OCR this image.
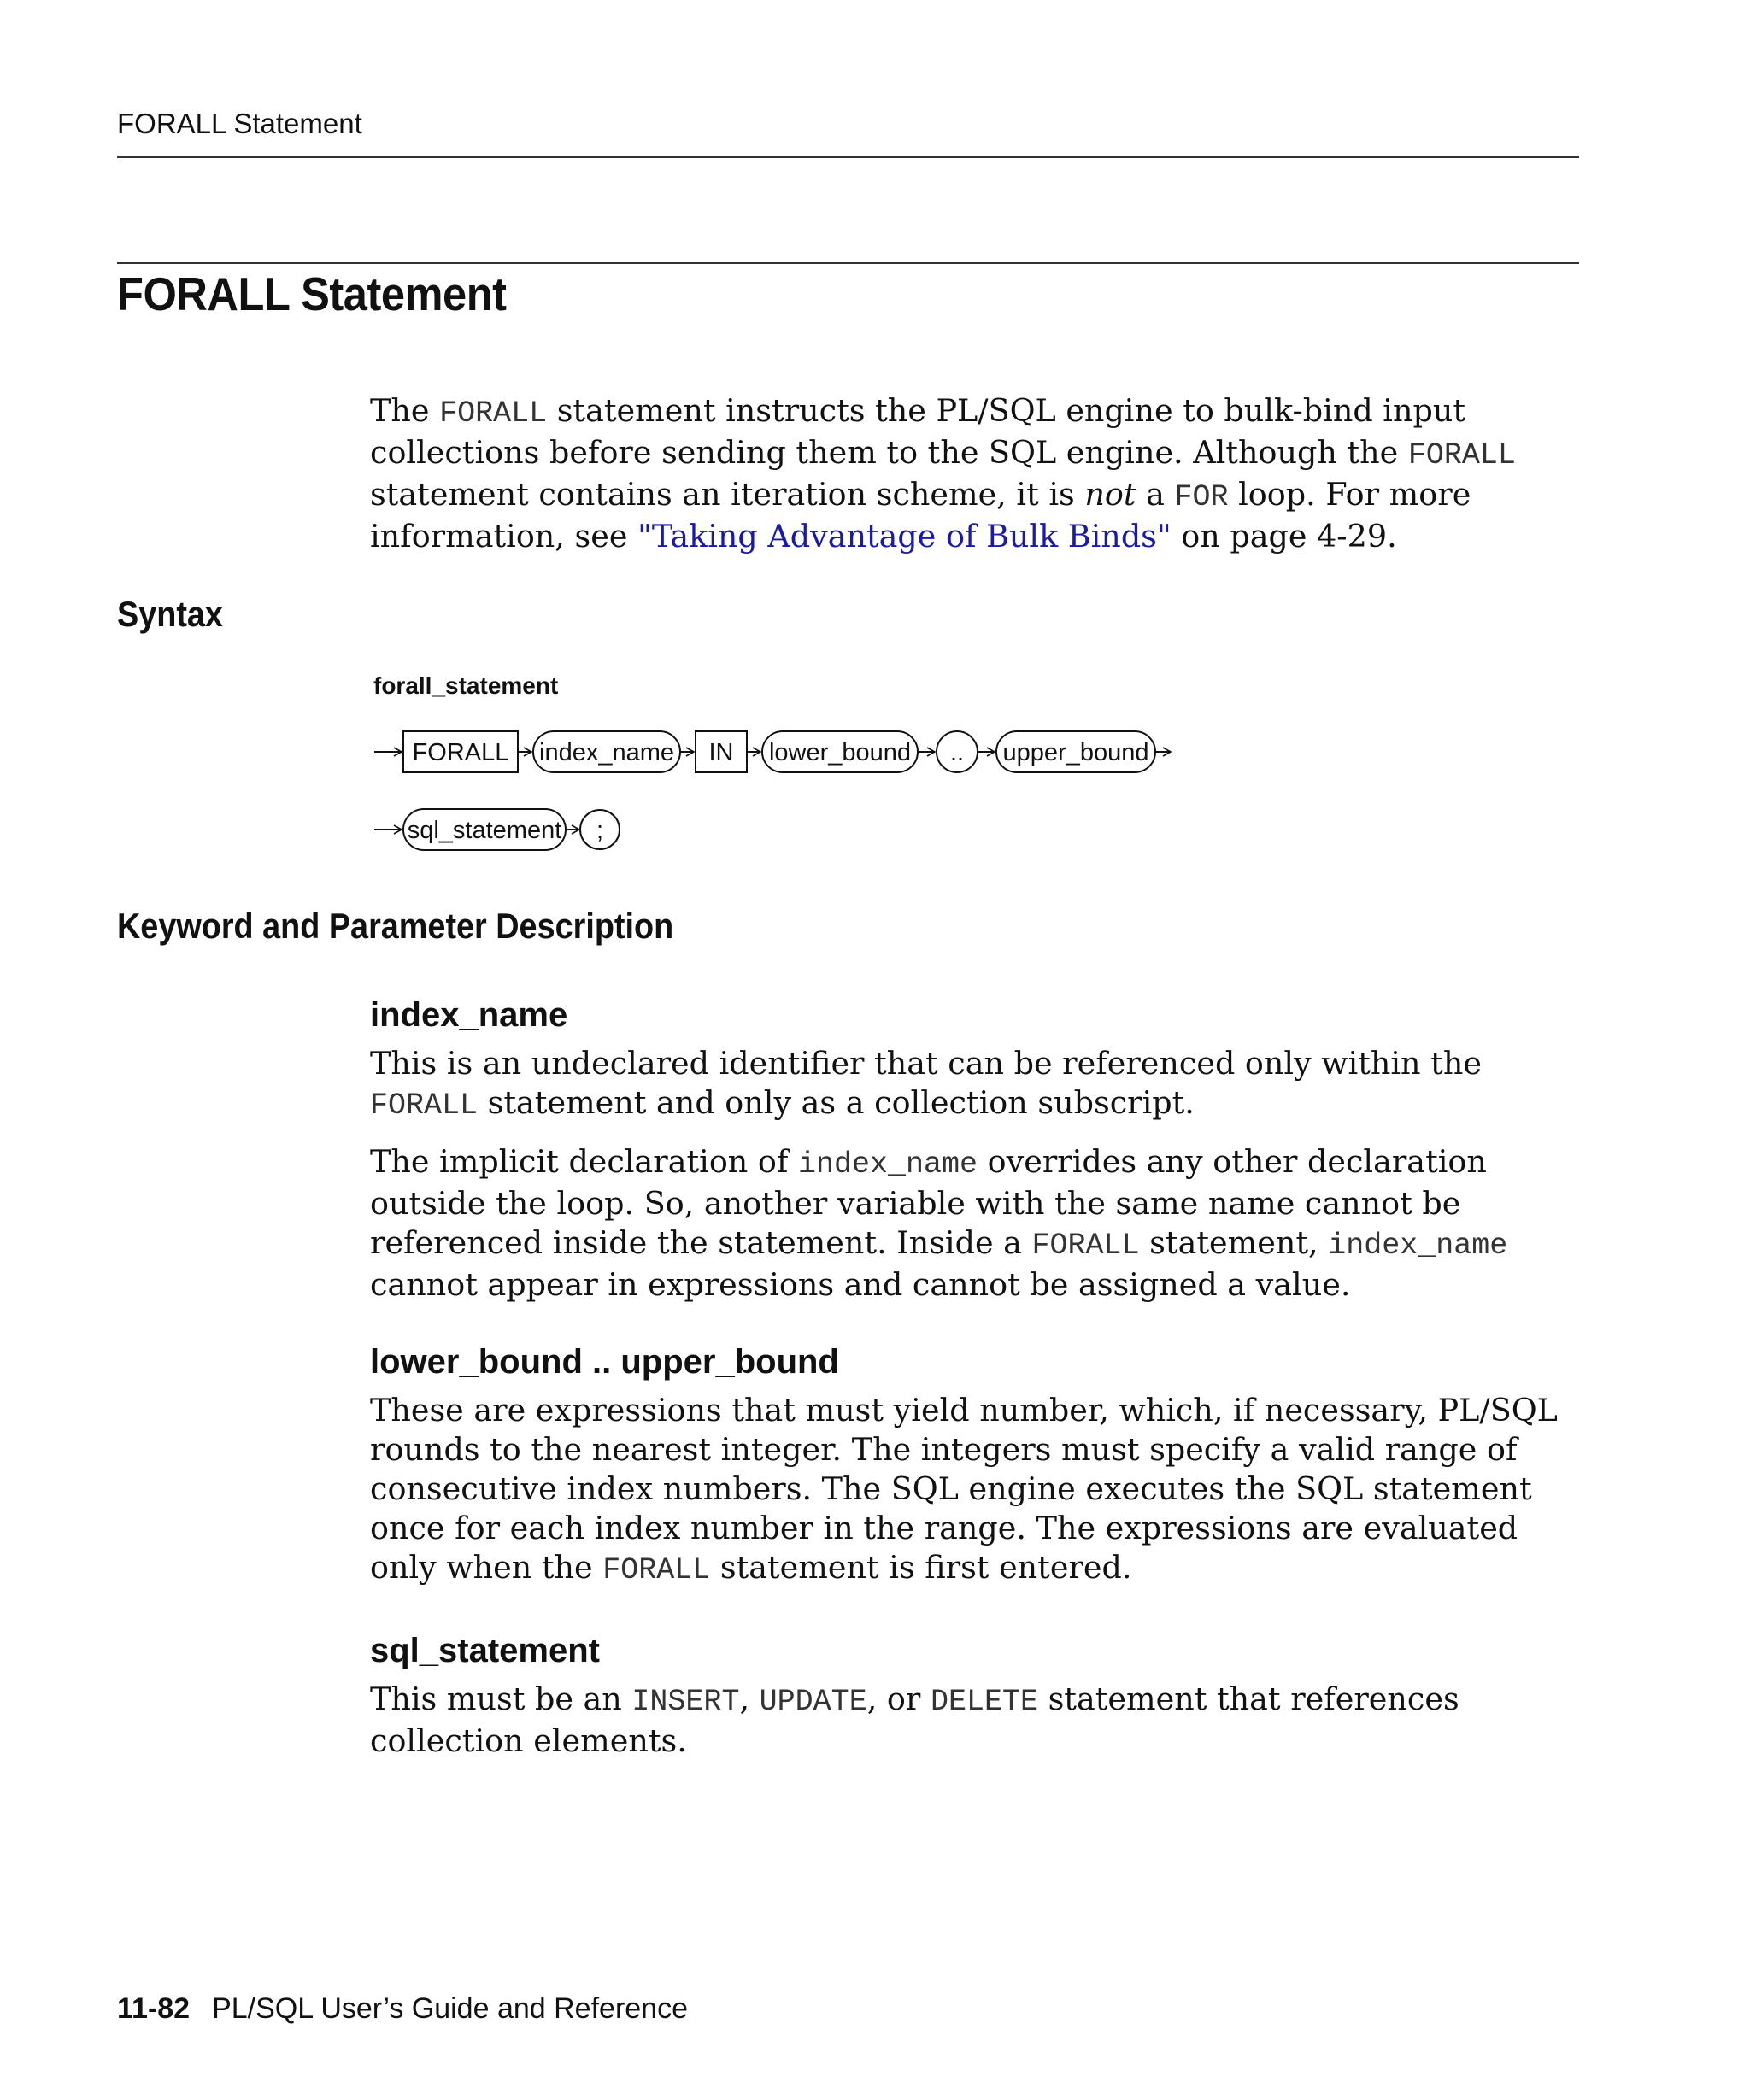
FORALL Statement
FORALL Statement

The FORALL statement instructs the PL/SQL engine to bulk-bind input collections before sending them to the SQL engine. Although the FORALL statement contains an iteration scheme, it is not a FOR loop. For more information, see "Taking Advantage of Bulk Binds" on page 4-29.

Syntax
forall_statement
FORALL index_name IN lower_bound .. upper_bound
sql_statement ;
Keyword and Parameter Description
index_name

This is an undeclared identifier that can be referenced only within the FORALL statement and only as a collection subscript.

The implicit declaration of index_name overrides any other declaration outside the loop. So, another variable with the same name cannot be referenced inside the statement. Inside a FORALL statement, index_name cannot appear in expressions and cannot be assigned a value.

lower_bound .. upper_bound

These are expressions that must yield number, which, if necessary, PL/SQL rounds to the nearest integer. The integers must specify a valid range of consecutive index numbers. The SQL engine executes the SQL statement once for each index number in the range. The expressions are evaluated only when the FORALL statement is first entered.

sql_statement

This must be an INSERT, UPDATE, or DELETE statement that references collection elements.

11-82 PL/SQL User’s Guide and Reference
